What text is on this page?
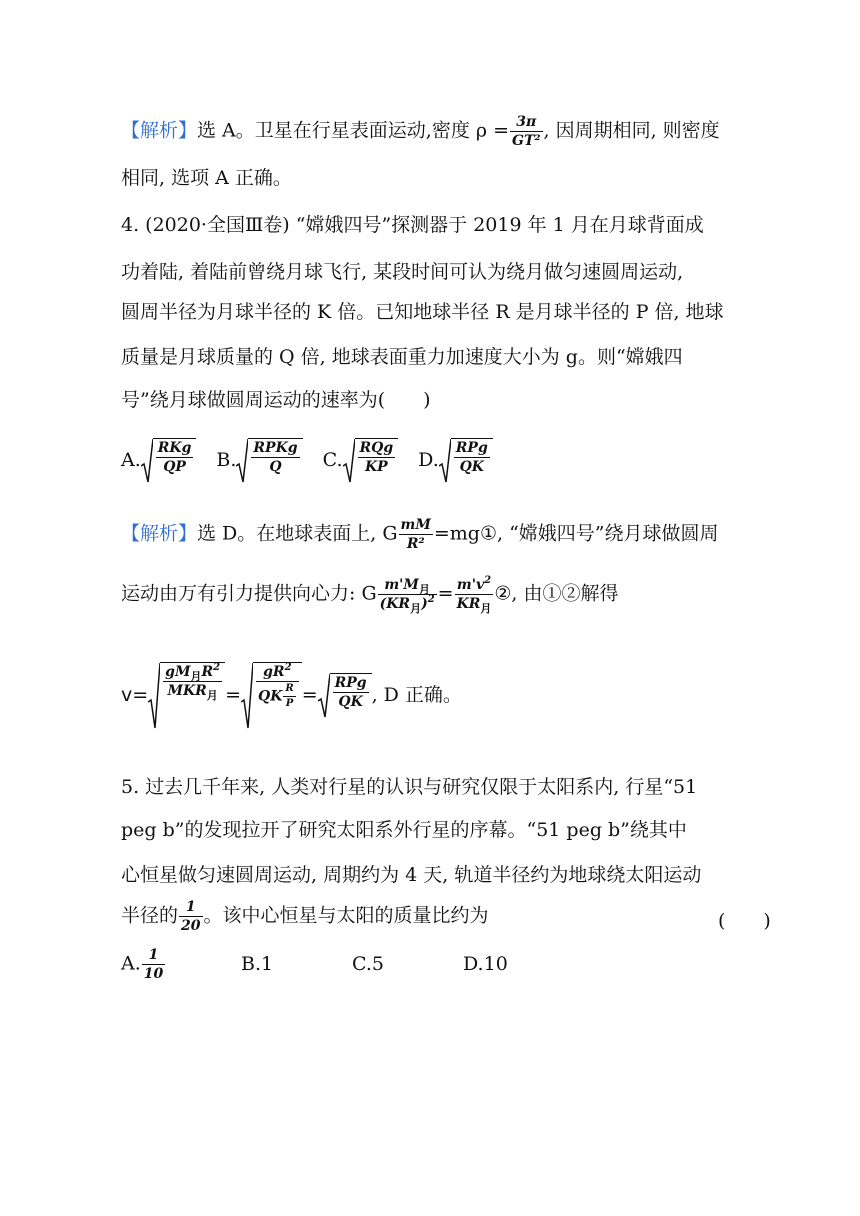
【解析】选 A。卫星在行星表面运动,密度 $\rho = \frac{3\pi}{\text{GT²}}$ , 因周期相同, 则密度
相同, 选项 A 正确。
4. (2020·全国Ⅲ卷) “嫦娥四号”探测器于 2019 年 1 月在月球背面成
功着陆, 着陆前曾绕月球飞行, 某段时间可认为绕月做匀速圆周运动,
圆周半径为月球半径的 K 倍。已知地球半径 R 是月球半径的 P 倍, 地球
质量是月球质量的 Q 倍, 地球表面重力加速度大小为 g。则“嫦娥四
号”绕月球做圆周运动的速率为(　　)
A. $\frac{\text{RKg}}{QP} B$. $\frac{\text{RPKg}}{Q} C$. $\frac{\text{RQg}}{KP} D$. $\frac{\text{RPg}}{QK}$
【解析】选 D。在地球表面上, G $\frac{mM}{\text{R²}}$ =mg①, “嫦娥四号”绕月球做圆周
运动由万有引力提供向心力: G $\frac{m'M_月}{(KR_月)^2} = \frac{m'v^2}{KR_月}$ ②, 由①②解得
$v= \frac{gM_月R^2}{MKR_月} = \frac{gR^2}{QK \frac{R}{P}} = \frac{\text{RPg}}{QK}$ , D 正确。
5. 过去几千年来, 人类对行星的认识与研究仅限于太阳系内, 行星“51
peg b”的发现拉开了研究太阳系外行星的序幕。“51 peg b”绕其中
心恒星做匀速圆周运动, 周期约为 4 天, 轨道半径约为地球绕太阳运动
半径的 $\frac{1}{20}$ 。该中心恒星与太阳的质量比约为	(　　)
A. $\frac{1}{10}$	B.1	C.5	D.10
